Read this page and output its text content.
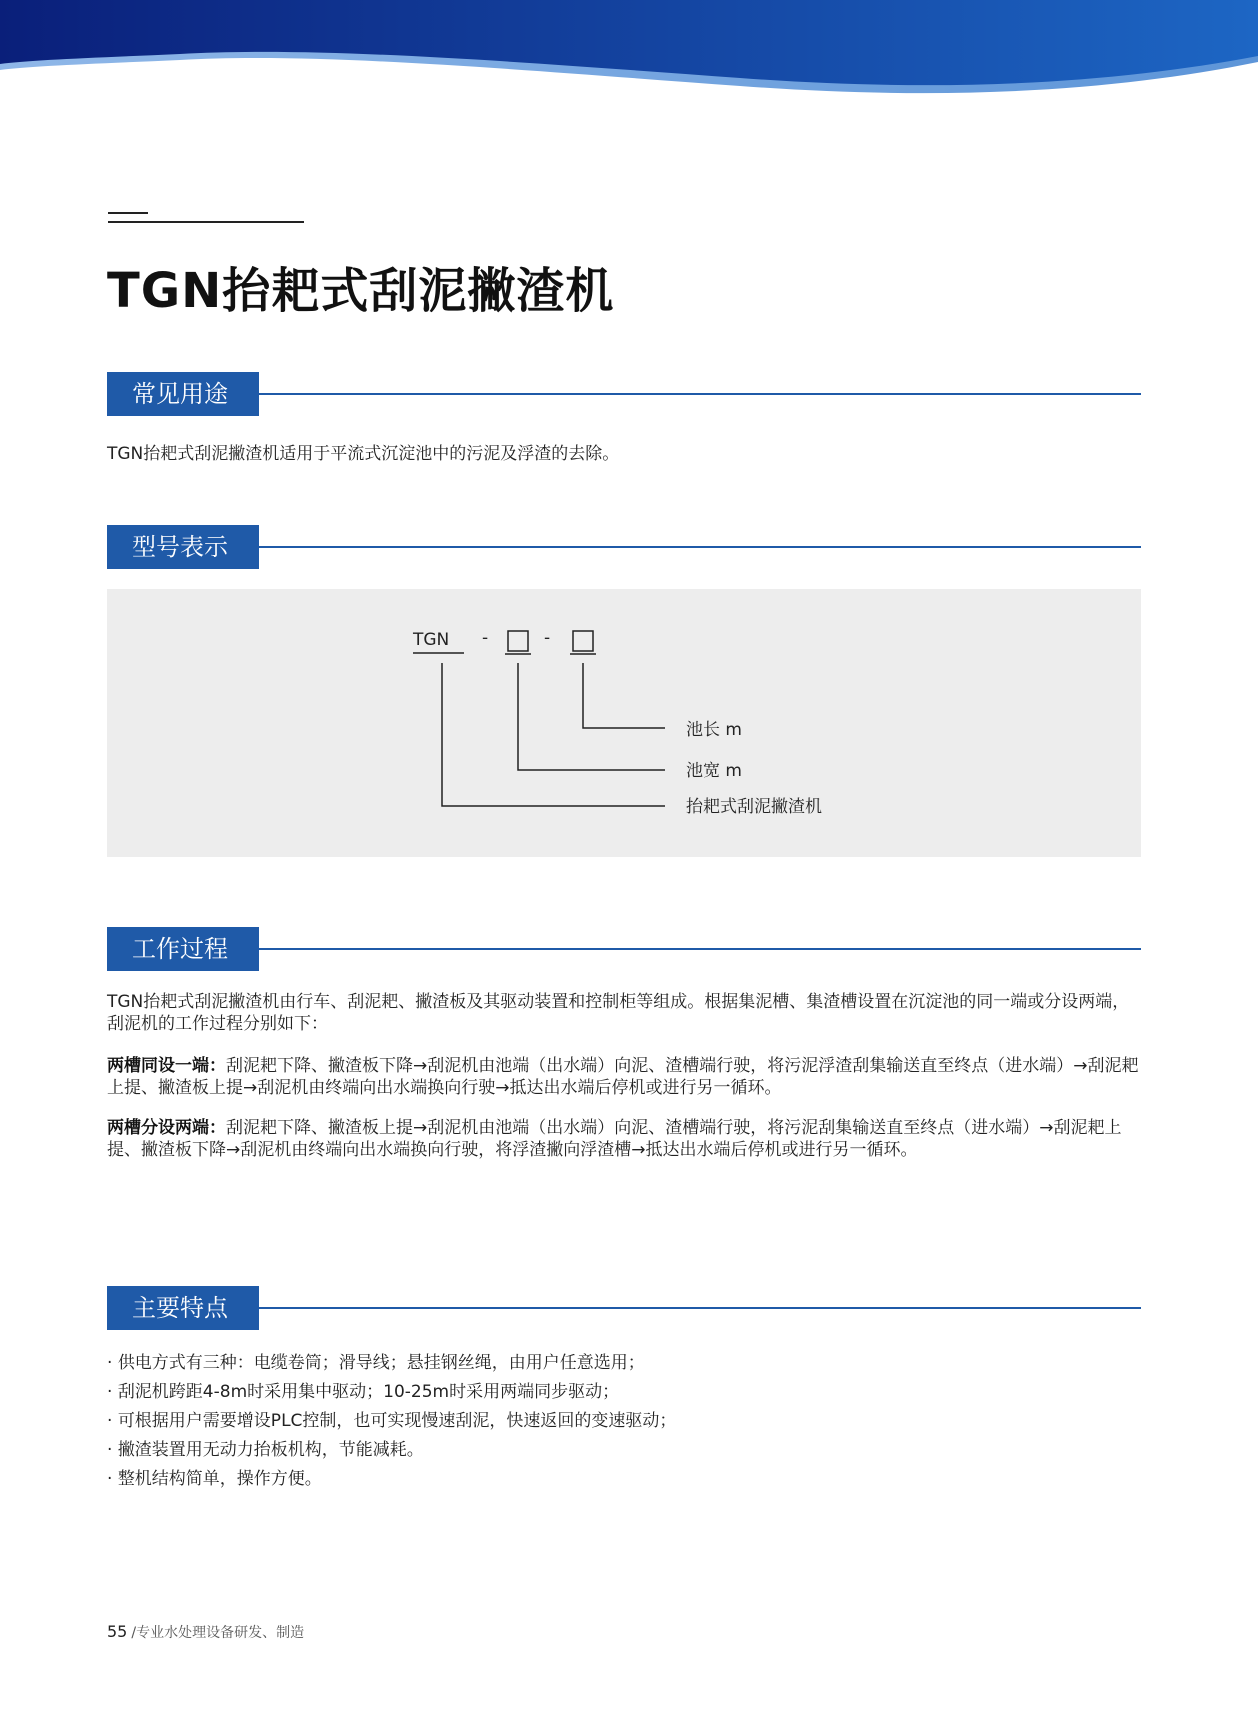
TGN抬耙式刮泥撇渣机
常见用途

TGN抬耙式刮泥撇渣机适用于平流式沉淀池中的污泥及浮渣的去除。

型号表示
TGN -	-
池长 m
池宽 m
抬耙式刮泥撇渣机
工作过程

TGN抬耙式刮泥撇渣机由行车、刮泥耙、撇渣板及其驱动装置和控制柜等组成。根据集泥槽、集渣槽设置在沉淀池的同一端或分设两端，刮泥机的工作过程分别如下：

两槽同设一端：刮泥耙下降、撇渣板下降→刮泥机由池端（出水端）向泥、渣槽端行驶，将污泥浮渣刮集输送直至终点（进水端）→刮泥耙上提、撇渣板上提→刮泥机由终端向出水端换向行驶→抵达出水端后停机或进行另一循环。

两槽分设两端：刮泥耙下降、撇渣板上提→刮泥机由池端（出水端）向泥、渣槽端行驶，将污泥刮集输送直至终点（进水端）→刮泥耙上提、撇渣板下降→刮泥机由终端向出水端换向行驶，将浮渣撇向浮渣槽→抵达出水端后停机或进行另一循环。

主要特点
· 供电方式有三种：电缆卷筒；滑导线；悬挂钢丝绳，由用户任意选用；
· 刮泥机跨距4-8m时采用集中驱动；10-25m时采用两端同步驱动；
· 可根据用户需要增设PLC控制，也可实现慢速刮泥，快速返回的变速驱动；
· 撇渣装置用无动力抬板机构，节能减耗。
· 整机结构简单，操作方便。
55 /专业水处理设备研发、制造
